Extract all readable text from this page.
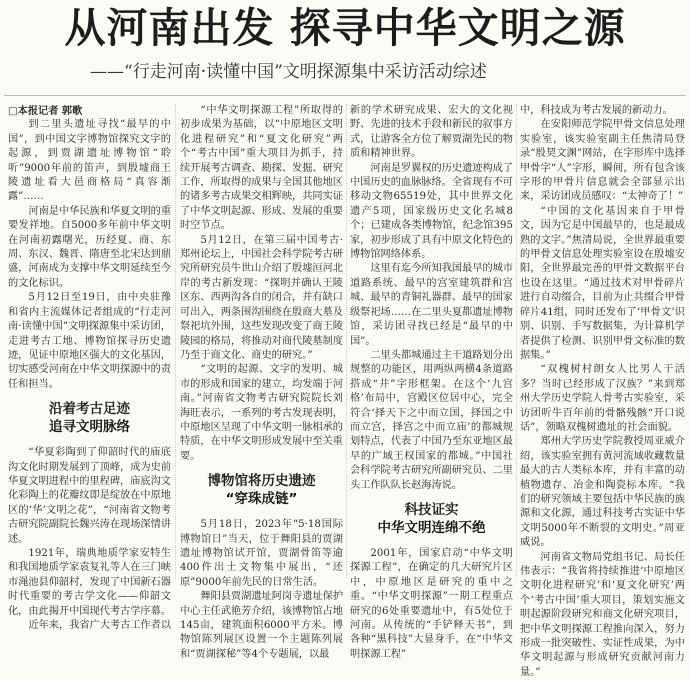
从河南出发 探寻中华文明之源
——“行走河南·读懂中国”文明探源集中采访活动综述

□本报记者 郭歌

到二里头遗址寻找“最早的中国”，到中国文字博物馆探究文字的起源，到贾湖遗址博物馆“聆听”9000年前的笛声，到殷墟商王陵遗址看大邑商格局“真容渐露”……

河南是中华民族和华夏文明的重要发祥地。自5000多年前中华文明在河南初露曙光，历经夏、商、东周、东汉、魏晋、隋唐至北宋达到鼎盛，河南成为支撑中华文明延续至今的文化标识。

5月12日至19日，由中央驻豫和省内主流媒体记者组成的“行走河南·读懂中国”文明探源集中采访团，走进考古工地、博物馆探寻历史遗迹，见证中原地区强大的文化基因，切实感受河南在中华文明探源中的责任和担当。

沿着考古足迹
追寻文明脉络

“华夏彩陶到了仰韶时代的庙底沟文化时期发展到了顶峰，成为史前华夏文明进程中的里程碑，庙底沟文化彩陶上的花瓣纹即是绽放在中原地区的‘华’文明之花”，“河南省文物考古研究院副院长魏兴涛在现场深情讲述。

1921年，瑞典地质学家安特生和我国地质学家袁复礼等人在三门峡市渑池县仰韶村，发现了中国新石器时代重要的考古学文化——仰韶文化，由此揭开中国现代考古学序幕。

近年来，我省广大考古工作者以

“中华文明探源工程”所取得的初步成果为基础，以“中原地区文明化进程研究”和“夏文化研究”两个“考古中国”重大项目为抓手，持续开展考古调查、勘探、发掘、研究工作，所取得的成果与全国其他地区的诸多考古成果交相辉映，共同实证了中华文明起源、形成、发展的重要时空节点。

5月12日，在第三届中国考古·郑州论坛上，中国社会科学院考古研究所研究员牛世山介绍了殷墟洹河北岸的考古新发现：“探明并确认王陵区东、西两沟各自的闭合，并有缺口可出入，两条围沟围绕在殷商大墓及祭祀坑外围，这些发现改变了商王陵陵园的格局，将推动对商代陵墓制度乃至于商文化、商史的研究。”

“文明的起源、文字的发明、城市的形成和国家的建立，均发端于河南。”河南省文物考古研究院院长刘海旺表示，一系列的考古发现表明，中原地区呈现了中华文明一脉相承的特质，在中华文明形成发展中至关重要。

博物馆将历史遗迹
“穿珠成链”

5月18日，2023年“5·18国际博物馆日”当天，位于舞阳县的贾湖遗址博物馆试开馆，贾湖骨笛等逾400件出土文物集中展出，“还原”9000年前先民的日常生活。

舞阳县贾湖遗址阿岗寺遗址保护中心主任武艳芳介绍，该博物馆占地145亩，建筑面积6000平方米。博物馆陈列展区设置一个主题陈列展和“贾湖探秘”等4个专题展，以最

新的学术研究成果、宏大的文化视野、先进的技术手段和新民的叙事方式，让游客全方位了解贾湖先民的物质和精神世界。

河南是罗翼权的历史遗迹构成了中国历史的血脉脉络。全省现有不可移动文物65519处，其中世界文化遗产5项，国家级历史文化名城8个；已建成各类博物馆，纪念馆395家，初步形成了具有中原文化特色的博物馆网络体系。

这里有迄今所知我国最早的城市道路系统、最早的宫室建筑群和宫城、最早的青铜礼器群、最早的国家级祭祀场……在二里头夏都遗址博物馆，采访团寻找已经是“最早的中国”。

二里头都城通过主干道路划分出规整的功能区，用两纵两横4条道路搭成“井”字形框架。在这个‘九宫格’布局中，宫殿区位居中心，完全符合‘择天下之中而立国，择国之中而立宫，择宫之中而立庙’的都城规划特点，代表了中国乃至东亚地区最早的广域王权国家的都城。”中国社会科学院考古研究所副研究员、二里头工作队队长赵海涛说。

科技证实
中华文明连绵不绝

2001年，国家启动“中华文明探源工程”，在确定的几大研究片区中，中原地区是研究的重中之重。“中华文明探源”一期工程重点研究的6处重要遗址中，有5处位于河南。从传统的“手铲释天书”，到各种“黑科技”大显身手，在“中华文明探源工程”

中，科技成为考古发展的新动力。

在安阳师范学院甲骨文信息处理实验室，该实验室副主任焦清局登录“殷契文渊”网站，在字形库中选择甲骨字“人”字形，瞬间，所有包含该字形的甲骨片信息就会全部显示出来，采访团成员感叹：“太神奇了！”

“中国的文化基因来自于甲骨文，因为它是中国最早的，也是最成熟的文字。”焦清局说，全世界最重要的甲骨文信息处理实验室设在殷墟安阳，全世界最完善的甲骨文数据平台也设在这里。“通过技术对甲骨碎片进行自动缀合，目前为止共缀合甲骨碎片41组，同时还发布了‘甲骨文’识别、识别、手写数据集，为计算机学者提供了检测、识别甲骨文标准的数据集。”

“双槐树村朗女人比男人干活多？当时已经形成了汉族？”来到郑州大学历史学院人骨考古实验室，采访团听牛百年前的骨骼残骸“开口说话”，领略双槐树遗址的社会面貌。

郑州大学历史学院教授周亚威介绍，该实验室拥有黄河流域收藏数量最大的古人类标本库，并有丰富的动植物遗存、冶金和陶瓷标本库。“我们的研究领域主要包括中华民族的族源和文化源，通过科技考古实证中华文明5000年不断裂的文明史。”周亚威说。

河南省文物局党组书记、局长任伟表示：“我省将持续推进‘中原地区文明化进程研究’和‘夏文化研究’两个‘考古中国’重大项目，策划实施文明起源阶段研究和商文化研究项目，把中华文明探源工程推向深入，努力形成一批突破性、实证性成果，为中华文明起源与形成研究贡献河南力量。”
